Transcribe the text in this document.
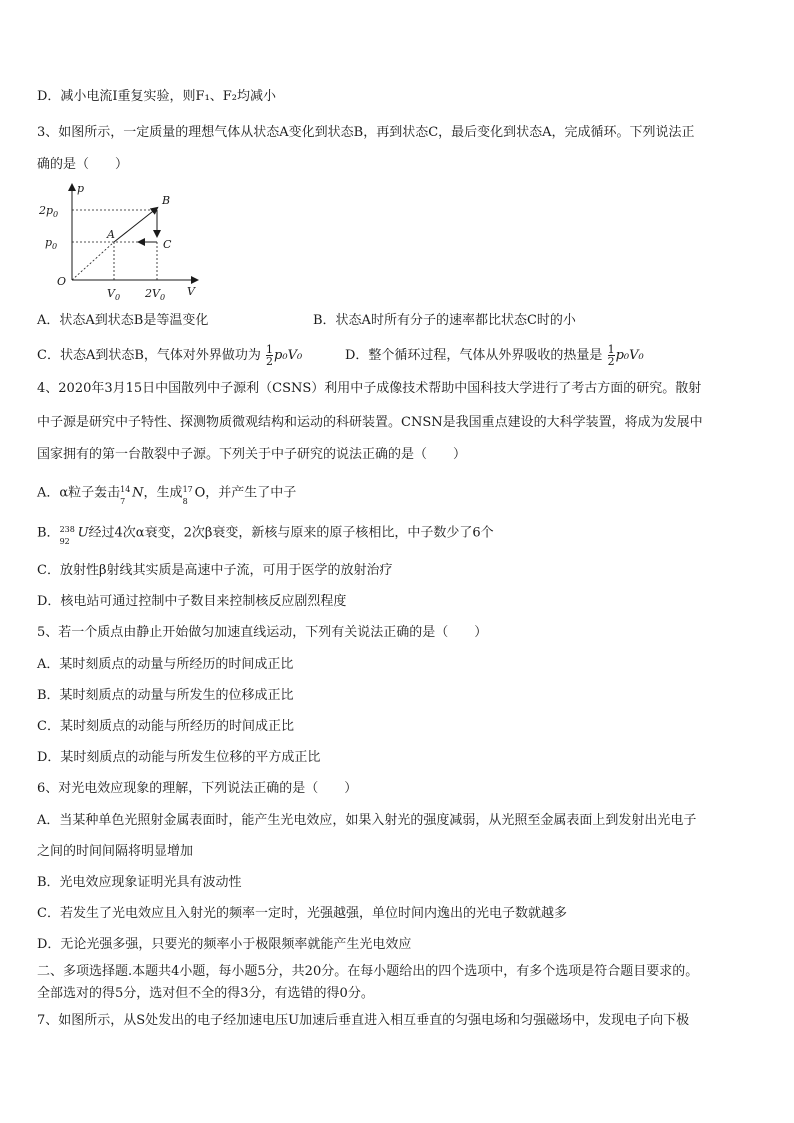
D．减小电流I重复实验，则F₁、F₂均减小
3、如图所示，一定质量的理想气体从状态A变化到状态B，再到状态C，最后变化到状态A，完成循环。下列说法正
确的是（　　）
p
V
O
$2p_0$
$p_0$
$V_0$ $2V_0$
A
B
C
A．状态A到状态B是等温变化	B．状态A时所有分子的速率都比状态C时的小
C．状态A到状态B，气体对外界做功为 $\frac{1}{2} p_0V_0$	D．整个循环过程，气体从外界吸收的热量是 $\frac{1}{2} p_0V_0$
4、2020年3月15日中国散列中子源利（CSNS）利用中子成像技术帮助中国科技大学进行了考古方面的研究。散射
中子源是研究中子特性、探测物质微观结构和运动的科研装置。CNSN是我国重点建设的大科学装置，将成为发展中
国家拥有的第一台散裂中子源。下列关于中子研究的说法正确的是（　　）
A．α粒子轰击 14
7
N，生成 17
8
O，并产生了中子
B． 238
92
U经过4次α衰变，2次β衰变，新核与原来的原子核相比，中子数少了6个
C．放射性β射线其实质是高速中子流，可用于医学的放射治疗
D．核电站可通过控制中子数目来控制核反应剧烈程度
5、若一个质点由静止开始做匀加速直线运动，下列有关说法正确的是（　　）
A．某时刻质点的动量与所经历的时间成正比
B．某时刻质点的动量与所发生的位移成正比
C．某时刻质点的动能与所经历的时间成正比
D．某时刻质点的动能与所发生位移的平方成正比
6、对光电效应现象的理解，下列说法正确的是（　　）
A．当某种单色光照射金属表面时，能产生光电效应，如果入射光的强度减弱，从光照至金属表面上到发射出光电子
之间的时间间隔将明显增加
B．光电效应现象证明光具有波动性
C．若发生了光电效应且入射光的频率一定时，光强越强，单位时间内逸出的光电子数就越多
D．无论光强多强，只要光的频率小于极限频率就能产生光电效应
二、多项选择题.本题共4小题，每小题5分，共20分。在每小题给出的四个选项中，有多个选项是符合题目要求的。
全部选对的得5分，选对但不全的得3分，有选错的得0分。
7、如图所示，从S处发出的电子经加速电压U加速后垂直进入相互垂直的匀强电场和匀强磁场中，发现电子向下极
